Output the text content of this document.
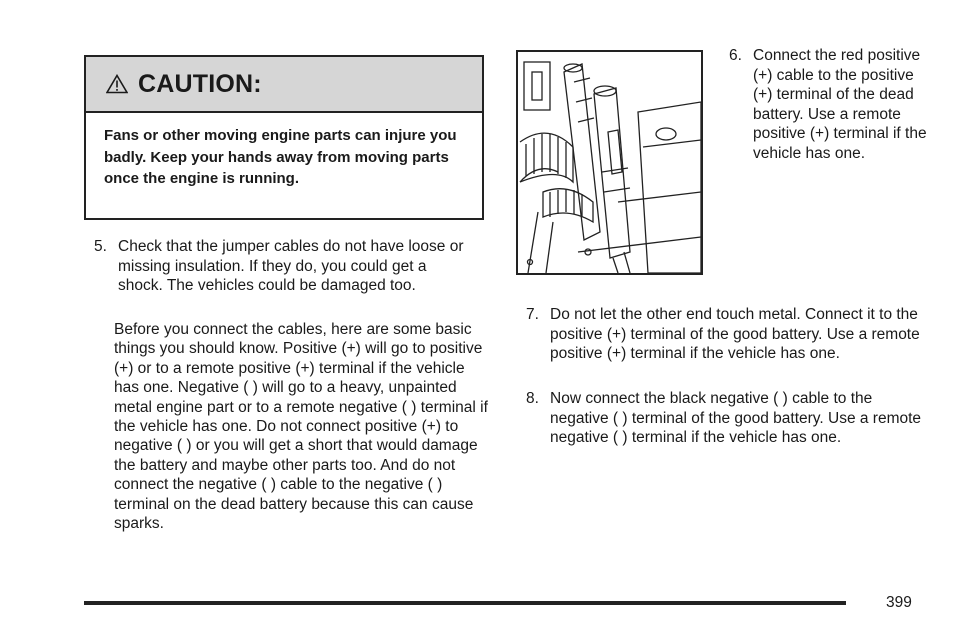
CAUTION:
Fans or other moving engine parts can injure you badly. Keep your hands away from moving parts once the engine is running.
5. Check that the jumper cables do not have loose or missing insulation. If they do, you could get a shock. The vehicles could be damaged too.
Before you connect the cables, here are some basic things you should know. Positive (+) will go to positive (+) or to a remote positive (+) terminal if the vehicle has one. Negative ( ) will go to a heavy, unpainted metal engine part or to a remote negative ( ) terminal if the vehicle has one. Do not connect positive (+) to negative ( ) or you will get a short that would damage the battery and maybe other parts too. And do not connect the negative ( ) cable to the negative ( ) terminal on the dead battery because this can cause sparks.
6. Connect the red positive (+) cable to the positive (+) terminal of the dead battery. Use a remote positive (+) terminal if the vehicle has one.
7. Do not let the other end touch metal. Connect it to the positive (+) terminal of the good battery. Use a remote positive (+) terminal if the vehicle has one.
8. Now connect the black negative ( ) cable to the negative ( ) terminal of the good battery. Use a remote negative ( ) terminal if the vehicle has one.
399
